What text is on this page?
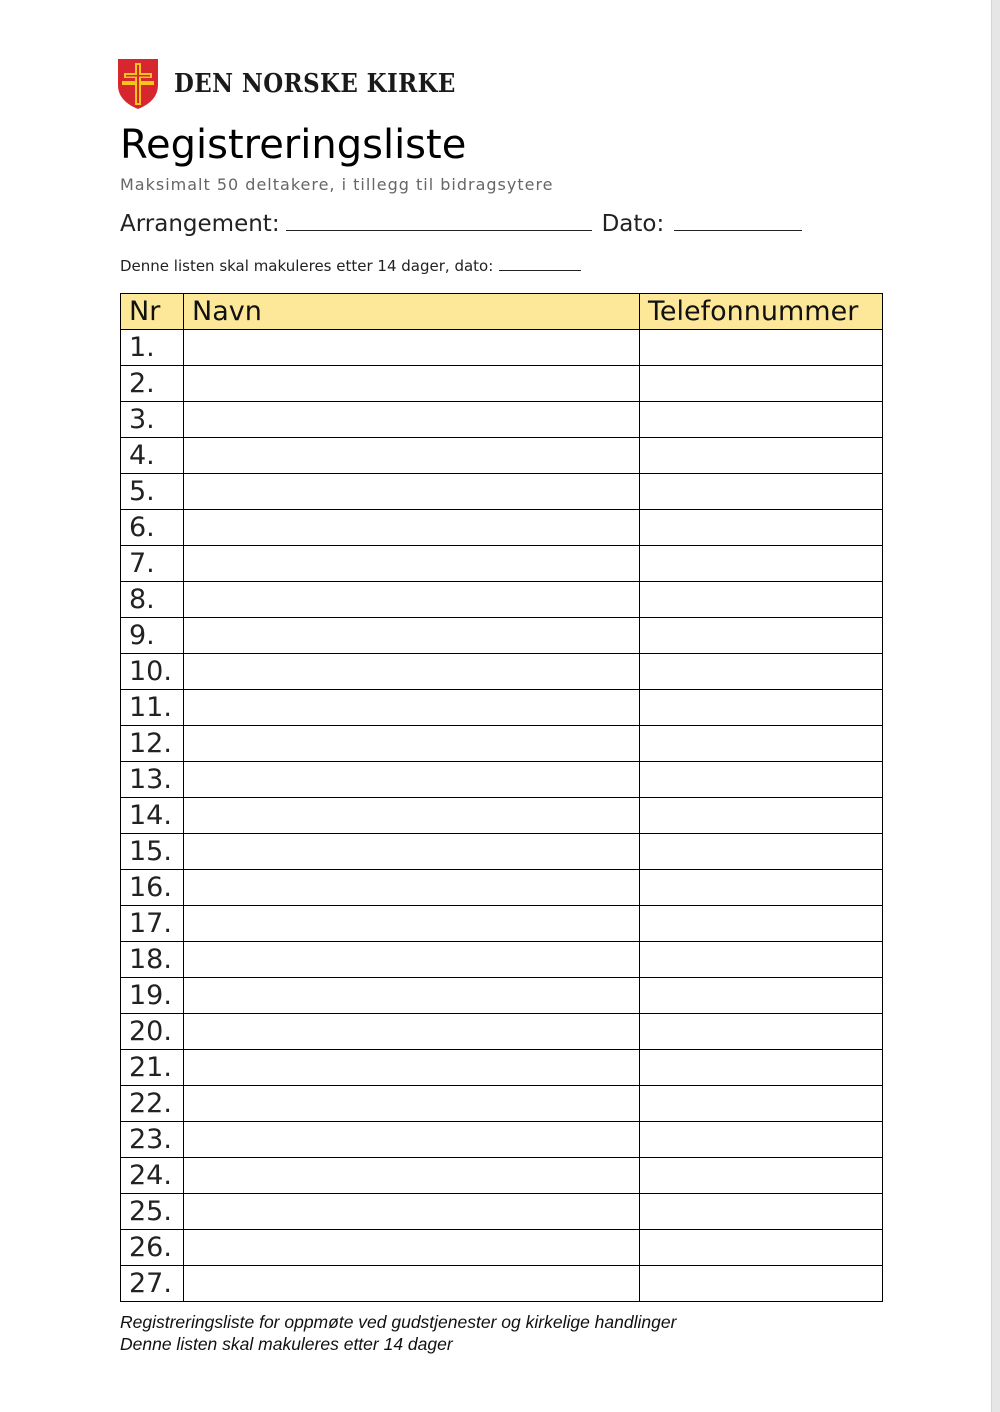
DEN NORSKE KIRKE
Registreringsliste
Maksimalt 50 deltakere, i tillegg til bidragsytere
Arrangement:	Dato:
Denne listen skal makuleres etter 14 dager, dato:
Nr	Navn	Telefonnummer
1.		
2.		
3.		
4.		
5.		
6.		
7.		
8.		
9.		
10.		
11.		
12.		
13.		
14.		
15.		
16.		
17.		
18.		
19.		
20.		
21.		
22.		
23.		
24.		
25.		
26.		
27.		
Registreringsliste for oppmøte ved gudstjenester og kirkelige handlinger
Denne listen skal makuleres etter 14 dager
